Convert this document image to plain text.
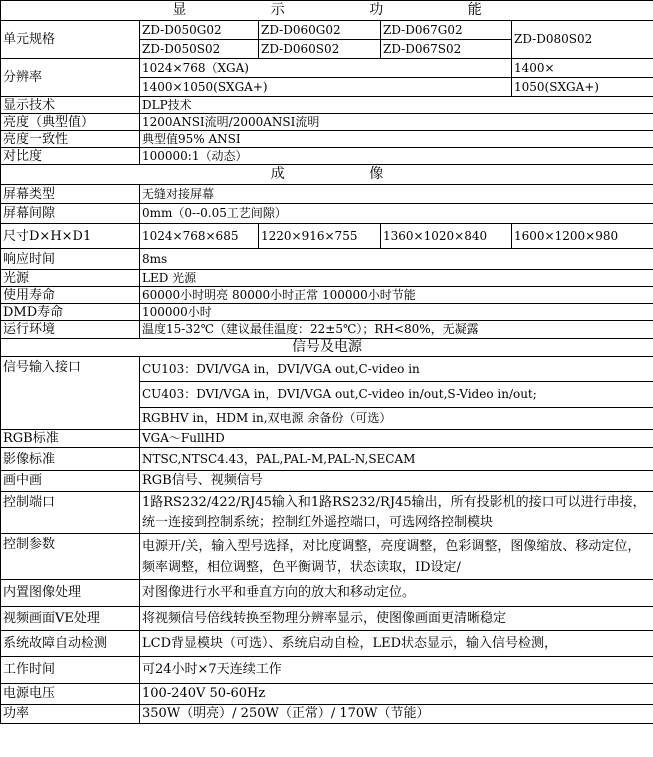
显 示 功 能				
单元规格	ZD-D050G02	ZD-D060G02	ZD-D067G02	ZD-D080S02
	ZD-D050S02	ZD-D060S02	ZD-D067S02	
分辨率	1024×768（XGA)			1400×
	1400×1050(SXGA+)			1050(SXGA+)
显示技术	DLP技术			
亮度（典型值）	1200ANSI流明/2000ANSI流明			
亮度一致性	典型值95% ANSI			
对比度	100000:1（动态）			
成 像				
屏幕类型	无缝对接屏幕			
屏幕间隙	0mm（0--0.05工艺间隙）			
尺寸D×H×D1	1024×768×685	1220×916×755	1360×1020×840	1600×1200×980
响应时间	8ms			
光源	LED 光源			
使用寿命	60000小时明亮 80000小时正常 100000小时节能			
DMD寿命	100000小时			
运行环境	温度15-32℃（建议最佳温度：22±5℃）；RH<80%，无凝露			
信号及电源				
信号输入接口	CU103：DVI/VGA in，DVI/VGA out,C-video in			
	CU403：DVI/VGA in，DVI/VGA out,C-video in/out,S-Video in/out;			
	RGBHV in，HDM in,双电源 余备份（可选）			
RGB标准	VGA～FullHD			
影像标准	NTSC,NTSC4.43，PAL,PAL-M,PAL-N,SECAM			
画中画	RGB信号、视频信号			
控制端口	1路RS232/422/RJ45输入和1路RS232/RJ45输出，所有投影机的接口可以进行串接，统一连接到控制系统；控制红外遥控端口，可选网络控制模块			
控制参数	电源开/关，输入型号选择，对比度调整，亮度调整，色彩调整，图像缩放、移动定位，频率调整，相位调整，色平衡调节，状态读取，ID设定/			
内置图像处理	对图像进行水平和垂直方向的放大和移动定位。			
视频画面VE处理	将视频信号倍线转换至物理分辨率显示，使图像画面更清晰稳定			
系统故障自动检测	LCD背显模块（可选）、系统启动自检，LED状态显示，输入信号检测，			
工作时间	可24小时×7天连续工作			
电源电压	100-240V 50-60Hz			
功率	350W（明亮）/ 250W（正常）/ 170W（节能）			
